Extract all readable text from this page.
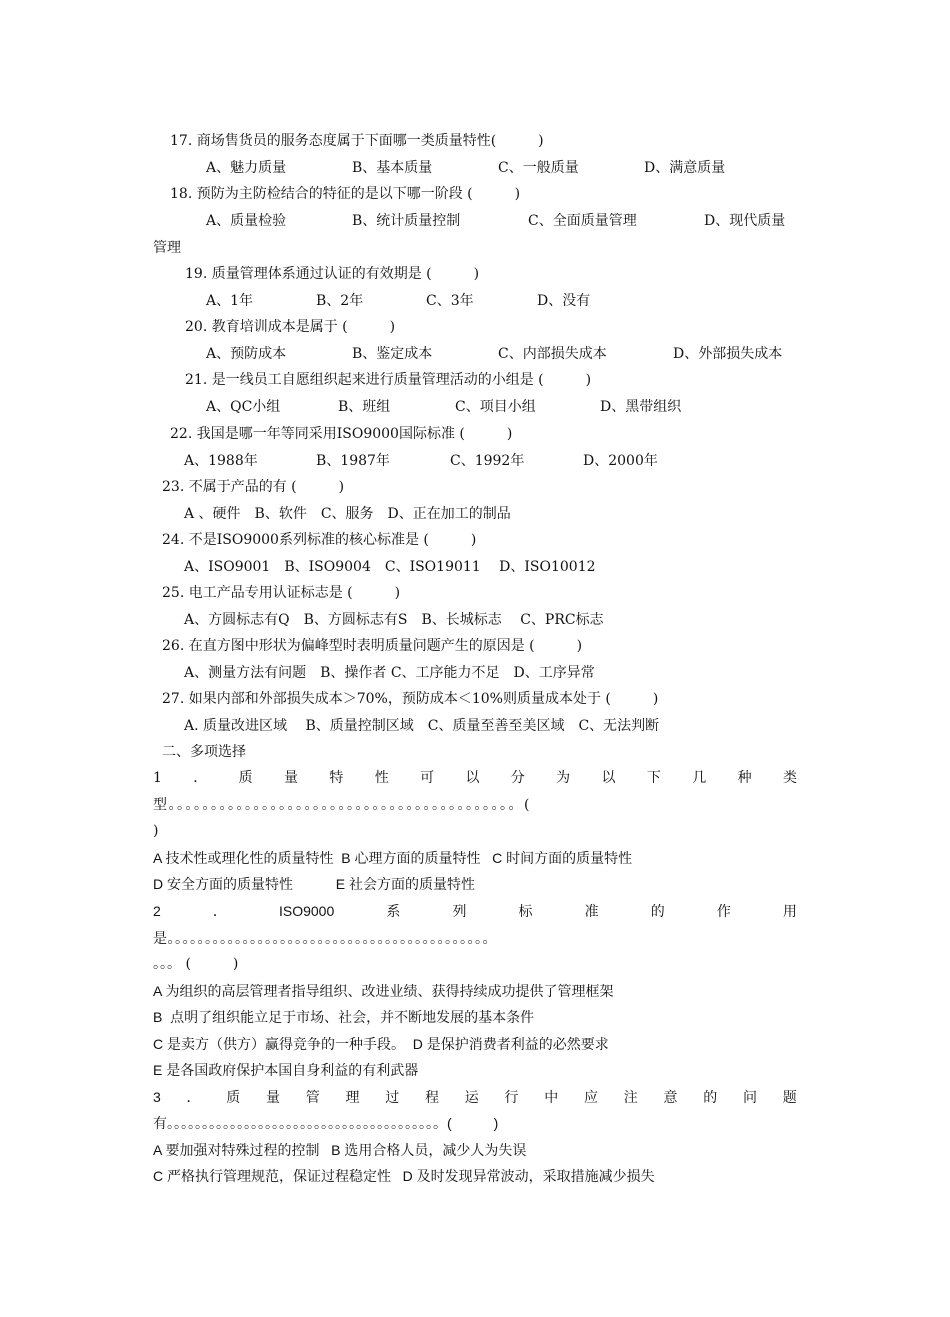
17. 商场售货员的服务态度属于下面哪一类质量特性(　　　)

A、魅力质量

	B、基本质量

	C、一般质量

	D、满意质量

18. 预防为主防检结合的特征的是以下哪一阶段 (　　　)

A、质量检验

	B、统计质量控制

	C、全面质量管理

	D、现代质量

管理
19. 质量管理体系通过认证的有效期是 (　　　)

A、1年

	B、2年

	C、3年

	D、没有

20. 教育培训成本是属于 (　　　)

A、预防成本

	B、鉴定成本

	C、内部损失成本

	D、外部损失成本

21. 是一线员工自愿组织起来进行质量管理活动的小组是 (　　　)

A、QC小组

	B、班组

	C、项目小组

	D、黑带组织

22. 我国是哪一年等同采用ISO9000国际标准 (　　　)

A、1988年

	B、1987年

	C、1992年

	D、2000年

23. 不属于产品的有 (　　　)
A 、硬件　B、软件　C、服务　D、正在加工的制品
24. 不是ISO9000系列标准的核心标准是 (　　　)
A、ISO9001　B、ISO9004　C、ISO19011　 D、ISO10012
25. 电工产品专用认证标志是 (　　　)
A、方圆标志有Q　B、方圆标志有S　B、长城标志　 C、PRC标志
26. 在直方图中形状为偏峰型时表明质量问题产生的原因是 (　　　)
A、测量方法有问题　B、操作者 C、工序能力不足　D、工序异常
27. 如果内部和外部损失成本＞70%，预防成本＜10%则质量成本处于 (　　　)
A. 质量改进区域　 B、质量控制区域　C、质量至善至美区域　C、无法判断
二、多项选择
1 ． 质 量 特 性 可 以 分 为 以 下 几 种 类
型。。。。。。。。。。。。。。。。。。。。。。。。。。。。。。。。。。。。。。。。。(
)
A 技术性或理化性的质量特性  B 心理方面的质量特性   C 时间方面的质量特性
D 安全方面的质量特性           E 社会方面的质量特性
2	．	ISO9000	系	列	标	准	的	作	用
是。。。。。。。。。。。。。。。。。。。。。。。。。。。。。。。。。。。。。。。。。。。
。。。 (　　　)
A 为组织的高层管理者指导组织、改进业绩、获得持续成功提供了管理框架
B  点明了组织能立足于市场、社会，并不断地发展的基本条件
C 是卖方（供方）赢得竞争的一种手段。  D 是保护消费者利益的必然要求
E 是各国政府保护本国自身利益的有利武器
3 ． 质 量 管 理 过 程 运 行 中 应 注 意 的 问 题
有。。。。。。。。。。。。。。。。。。。。。。。。。。。。。。。。。。。。。。。(　　　)
A 要加强对特殊过程的控制   B 选用合格人员，减少人为失误
C 严格执行管理规范，保证过程稳定性   D 及时发现异常波动，采取措施减少损失
